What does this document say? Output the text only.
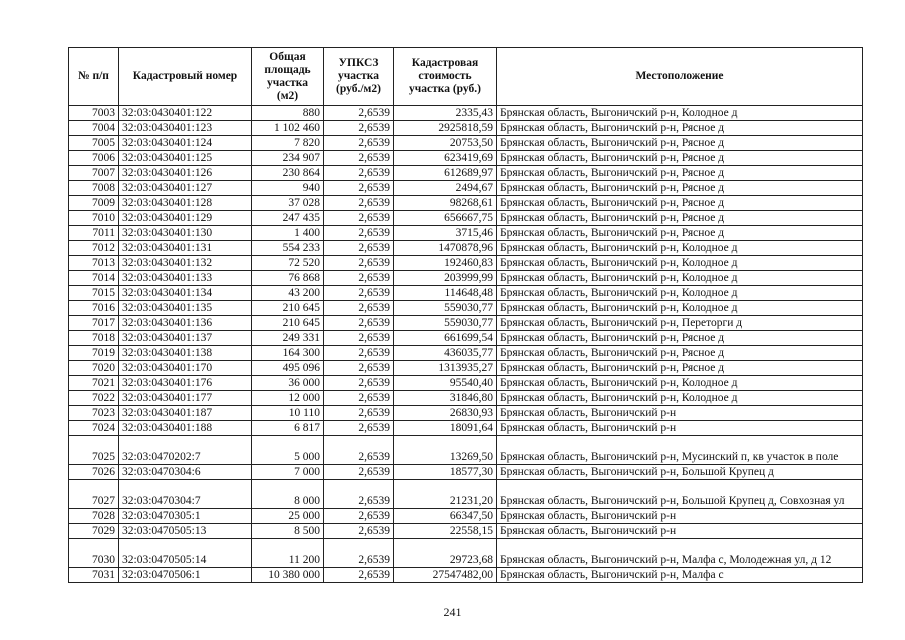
№ п/п	Кадастровый номер	Общая площадь участка (м2)	УПКСЗ участка (руб./м2)	Кадастровая стоимость участка (руб.)	Местоположение
7003	32:03:0430401:122	880	2,6539	2335,43	Брянская область, Выгоничский р-н, Колодное д
7004	32:03:0430401:123	1 102 460	2,6539	2925818,59	Брянская область, Выгоничский р-н, Рясное д
7005	32:03:0430401:124	7 820	2,6539	20753,50	Брянская область, Выгоничский р-н, Рясное д
7006	32:03:0430401:125	234 907	2,6539	623419,69	Брянская область, Выгоничский р-н, Рясное д
7007	32:03:0430401:126	230 864	2,6539	612689,97	Брянская область, Выгоничский р-н, Рясное д
7008	32:03:0430401:127	940	2,6539	2494,67	Брянская область, Выгоничский р-н, Рясное д
7009	32:03:0430401:128	37 028	2,6539	98268,61	Брянская область, Выгоничский р-н, Рясное д
7010	32:03:0430401:129	247 435	2,6539	656667,75	Брянская область, Выгоничский р-н, Рясное д
7011	32:03:0430401:130	1 400	2,6539	3715,46	Брянская область, Выгоничский р-н, Рясное д
7012	32:03:0430401:131	554 233	2,6539	1470878,96	Брянская область, Выгоничский р-н, Колодное д
7013	32:03:0430401:132	72 520	2,6539	192460,83	Брянская область, Выгоничский р-н, Колодное д
7014	32:03:0430401:133	76 868	2,6539	203999,99	Брянская область, Выгоничский р-н, Колодное д
7015	32:03:0430401:134	43 200	2,6539	114648,48	Брянская область, Выгоничский р-н, Колодное д
7016	32:03:0430401:135	210 645	2,6539	559030,77	Брянская область, Выгоничский р-н, Колодное д
7017	32:03:0430401:136	210 645	2,6539	559030,77	Брянская область, Выгоничский р-н, Переторги д
7018	32:03:0430401:137	249 331	2,6539	661699,54	Брянская область, Выгоничский р-н, Рясное д
7019	32:03:0430401:138	164 300	2,6539	436035,77	Брянская область, Выгоничский р-н, Рясное д
7020	32:03:0430401:170	495 096	2,6539	1313935,27	Брянская область, Выгоничский р-н, Рясное д
7021	32:03:0430401:176	36 000	2,6539	95540,40	Брянская область, Выгоничский р-н, Колодное д
7022	32:03:0430401:177	12 000	2,6539	31846,80	Брянская область, Выгоничский р-н, Колодное д
7023	32:03:0430401:187	10 110	2,6539	26830,93	Брянская область, Выгоничский р-н
7024	32:03:0430401:188	6 817	2,6539	18091,64	Брянская область, Выгоничский р-н
7025	32:03:0470202:7	5 000	2,6539	13269,50	Брянская область, Выгоничский р-н, Мусинский п, кв участок в поле
7026	32:03:0470304:6	7 000	2,6539	18577,30	Брянская область, Выгоничский р-н, Большой Крупец д
7027	32:03:0470304:7	8 000	2,6539	21231,20	Брянская область, Выгоничский р-н, Большой Крупец д, Совхозная ул
7028	32:03:0470305:1	25 000	2,6539	66347,50	Брянская область, Выгоничский р-н
7029	32:03:0470505:13	8 500	2,6539	22558,15	Брянская область, Выгоничский р-н
7030	32:03:0470505:14	11 200	2,6539	29723,68	Брянская область, Выгоничский р-н, Малфа с, Молодежная ул, д 12
7031	32:03:0470506:1	10 380 000	2,6539	27547482,00	Брянская область, Выгоничский р-н, Малфа с
241
